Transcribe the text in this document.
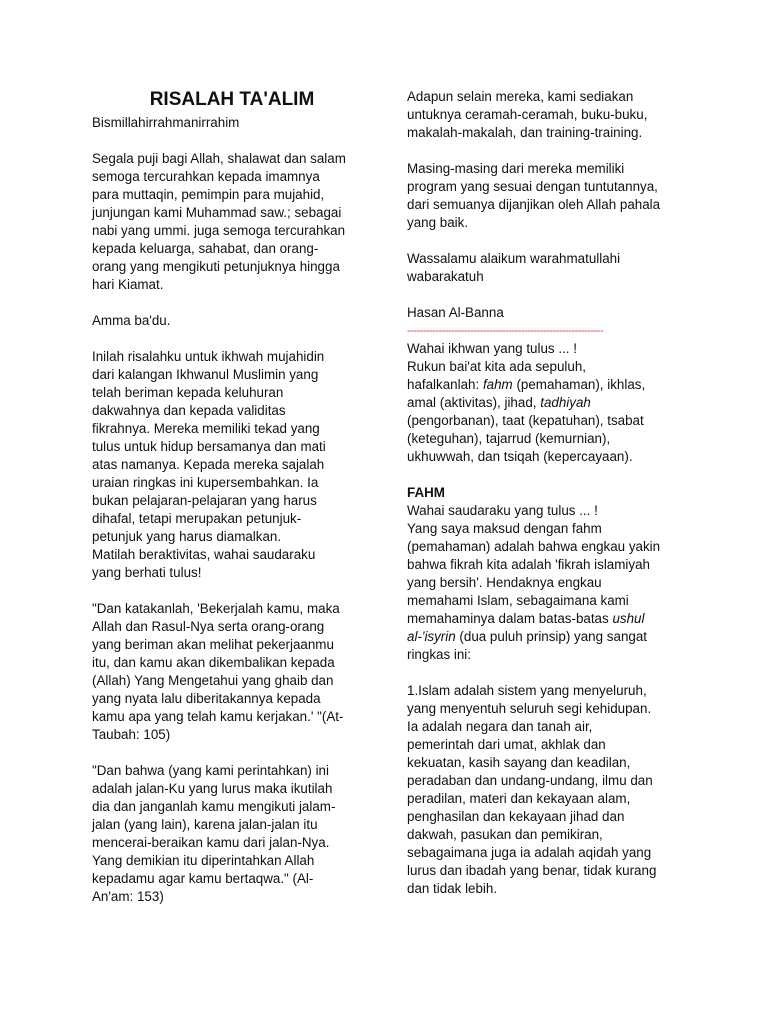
RISALAH TA'ALIM
Bismillahirrahmanirrahim
Segala puji bagi Allah, shalawat dan salam
semoga tercurahkan kepada imamnya
para muttaqin, pemimpin para mujahid,
junjungan kami Muhammad saw.; sebagai
nabi yang ummi. juga semoga tercurahkan
kepada keluarga, sahabat, dan orang-
orang yang mengikuti petunjuknya hingga
hari Kiamat.
Amma ba'du.
Inilah risalahku untuk ikhwah mujahidin
dari kalangan Ikhwanul Muslimin yang
telah beriman kepada keluhuran
dakwahnya dan kepada validitas
fikrahnya. Mereka memiliki tekad yang
tulus untuk hidup bersamanya dan mati
atas namanya. Kepada mereka sajalah
uraian ringkas ini kupersembahkan. Ia
bukan pelajaran-pelajaran yang harus
dihafal, tetapi merupakan petunjuk-
petunjuk yang harus diamalkan.
Matilah beraktivitas, wahai saudaraku
yang berhati tulus!
"Dan katakanlah, 'Bekerjalah kamu, maka
Allah dan Rasul-Nya serta orang-orang
yang beriman akan melihat pekerjaanmu
itu, dan kamu akan dikembalikan kepada
(Allah) Yang Mengetahui yang ghaib dan
yang nyata lalu diberitakannya kepada
kamu apa yang telah kamu kerjakan.' "(At-
Taubah: 105)
"Dan bahwa (yang kami perintahkan) ini
adalah jalan-Ku yang lurus maka ikutilah
dia dan janganlah kamu mengikuti jalam-
jalan (yang lain), karena jalan-jalan itu
mencerai-beraikan kamu dari jalan-Nya.
Yang demikian itu diperintahkan Allah
kepadamu agar kamu bertaqwa." (Al-
An'am: 153)
Adapun selain mereka, kami sediakan
untuknya ceramah-ceramah, buku-buku,
makalah-makalah, dan training-training.
Masing-masing dari mereka memiliki
program yang sesuai dengan tuntutannya,
dari semuanya dijanjikan oleh Allah pahala
yang baik.
Wassalamu alaikum warahmatullahi
wabarakatuh
Hasan Al-Banna
--------------------------------------------------------------
Wahai ikhwan yang tulus ... !
Rukun bai'at kita ada sepuluh,
hafalkanlah: fahm (pemahaman), ikhlas,
amal (aktivitas), jihad, tadhiyah
(pengorbanan), taat (kepatuhan), tsabat
(keteguhan), tajarrud (kemurnian),
ukhuwwah, dan tsiqah (kepercayaan).
FAHM
Wahai saudaraku yang tulus ... !
Yang saya maksud dengan fahm
(pemahaman) adalah bahwa engkau yakin
bahwa fikrah kita adalah 'fikrah islamiyah
yang bersih'. Hendaknya engkau
memahami Islam, sebagaimana kami
memahaminya dalam batas-batas ushul
al-'isyrin (dua puluh prinsip) yang sangat
ringkas ini:
1.Islam adalah sistem yang menyeluruh,
yang menyentuh seluruh segi kehidupan.
Ia adalah negara dan tanah air,
pemerintah dari umat, akhlak dan
kekuatan, kasih sayang dan keadilan,
peradaban dan undang-undang, ilmu dan
peradilan, materi dan kekayaan alam,
penghasilan dan kekayaan jihad dan
dakwah, pasukan dan pemikiran,
sebagaimana juga ia adalah aqidah yang
lurus dan ibadah yang benar, tidak kurang
dan tidak lebih.
